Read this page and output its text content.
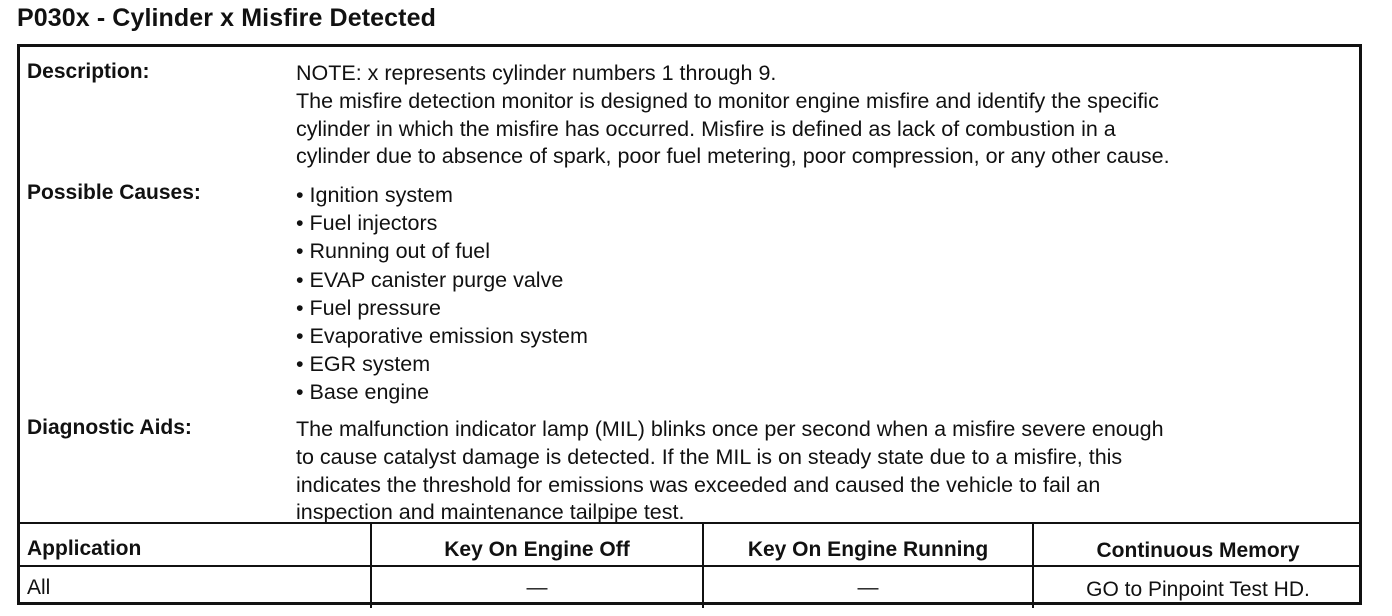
P030x - Cylinder x Misfire Detected
Description:	NOTE: x represents cylinder numbers 1 through 9.
The misfire detection monitor is designed to monitor engine misfire and identify the specific
cylinder in which the misfire has occurred. Misfire is defined as lack of combustion in a
cylinder due to absence of spark, poor fuel metering, poor compression, or any other cause.
Possible Causes:	• Ignition system
• Fuel injectors
• Running out of fuel
• EVAP canister purge valve
• Fuel pressure
• Evaporative emission system
• EGR system
• Base engine
Diagnostic Aids:	The malfunction indicator lamp (MIL) blinks once per second when a misfire severe enough
to cause catalyst damage is detected. If the MIL is on steady state due to a misfire, this
indicates the threshold for emissions was exceeded and caused the vehicle to fail an
inspection and maintenance tailpipe test.
Application	Key On Engine Off	Key On Engine Running	Continuous Memory
All	—	—	GO to Pinpoint Test HD.
